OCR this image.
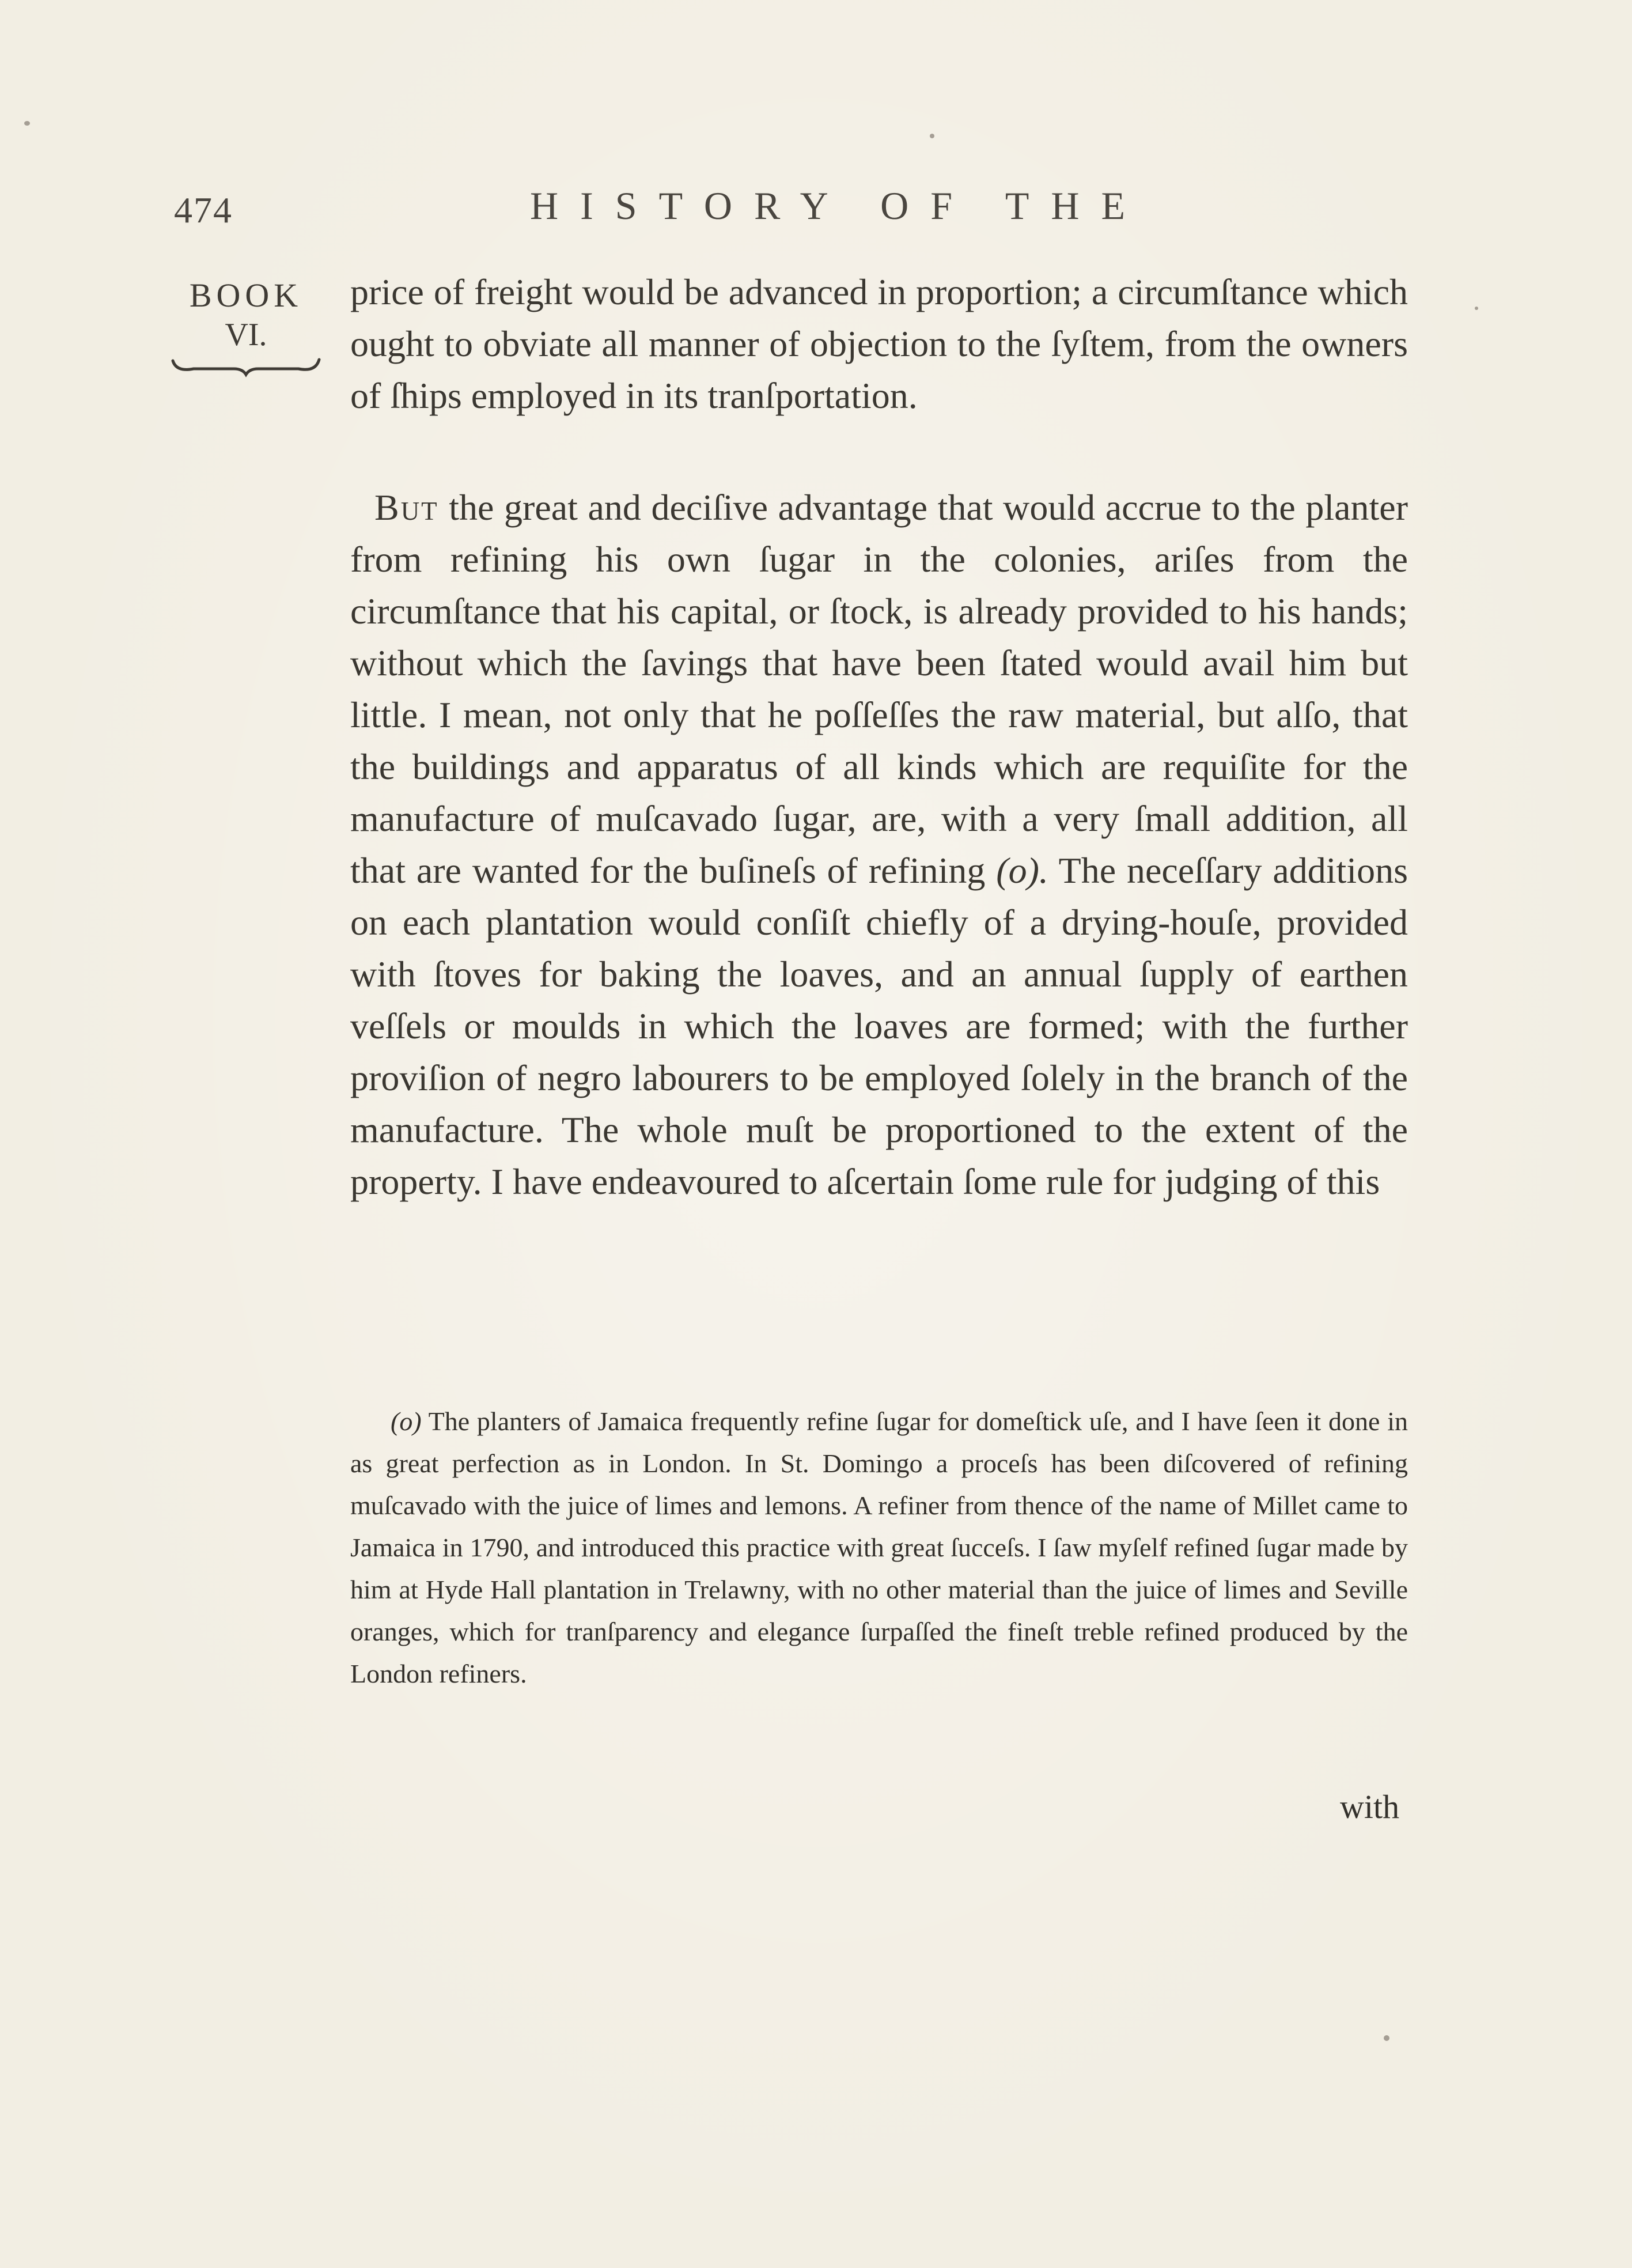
474	HISTORY OF THE
BOOK
VI.

price of freight would be advanced in proportion; a circumſtance which ought to obviate all manner of objection to the ſyſtem, from the owners of ſhips employed in its tranſportation.

But the great and deciſive advantage that would accrue to the planter from refining his own ſugar in the colonies, ariſes from the circumſtance that his capital, or ſtock, is already provided to his hands; without which the ſavings that have been ſtated would avail him but little. I mean, not only that he poſſeſſes the raw material, but alſo, that the buildings and apparatus of all kinds which are requiſite for the manufacture of muſcavado ſugar, are, with a very ſmall addition, all that are wanted for the buſineſs of refining (o). The neceſſary additions on each plantation would conſiſt chiefly of a drying-houſe, provided with ſtoves for baking the loaves, and an annual ſupply of earthen veſſels or moulds in which the loaves are formed; with the further proviſion of negro labourers to be employed ſolely in the branch of the manufacture. The whole muſt be proportioned to the extent of the property. I have endeavoured to aſcertain ſome rule for judging of this

(o) The planters of Jamaica frequently refine ſugar for domeſtick uſe, and I have ſeen it done in as great perfection as in London. In St. Domingo a proceſs has been diſcovered of refining muſcavado with the juice of limes and lemons. A refiner from thence of the name of Millet came to Jamaica in 1790, and introduced this practice with great ſucceſs. I ſaw myſelf refined ſugar made by him at Hyde Hall plantation in Trelawny, with no other material than the juice of limes and Seville oranges, which for tranſparency and elegance ſurpaſſed the fineſt treble refined produced by the London refiners.
with
